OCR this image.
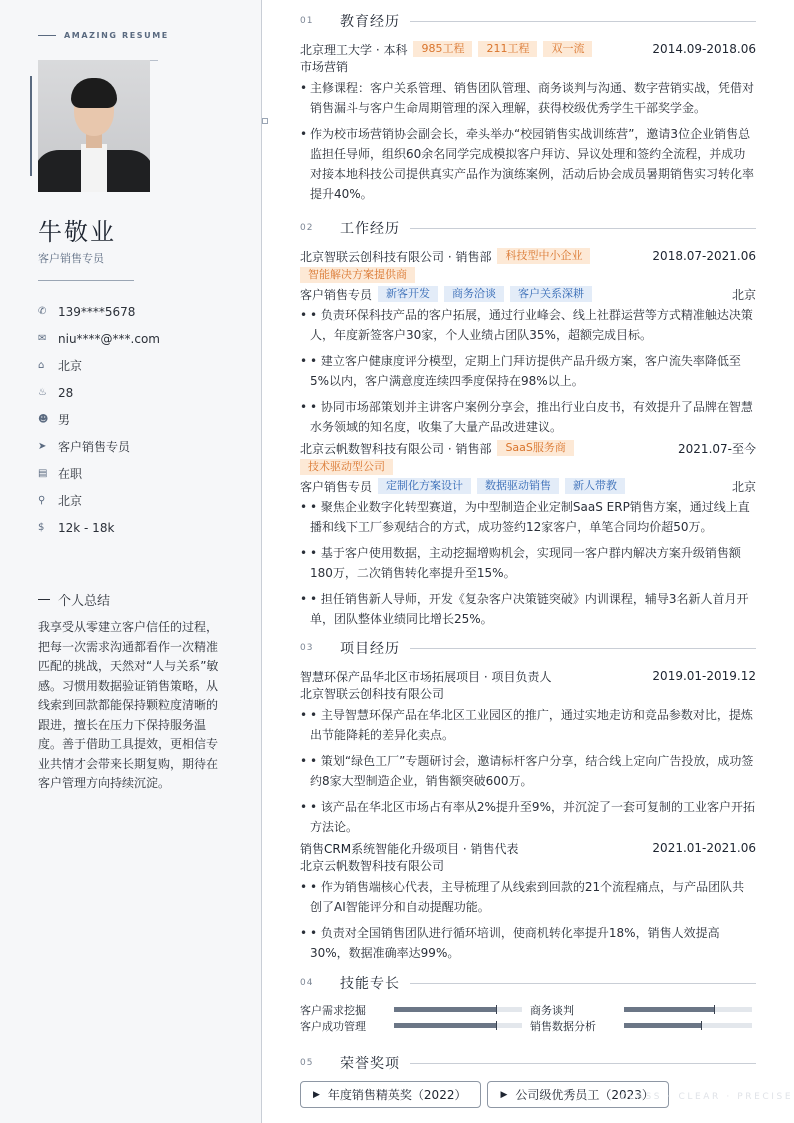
AMAZING RESUME
牛敬业
客户销售专员
✆ 139****5678
✉ niu****@***.com
⌂	北京
♨ 28
☻ 男
➤ 客户销售专员
▤ 在职
⚲	北京
$	12k - 18k
个人总结
我享受从零建立客户信任的过程，把每一次需求沟通都看作一次精准匹配的挑战，天然对“人与关系”敏感。习惯用数据验证销售策略，从线索到回款都能保持颗粒度清晰的跟进，擅长在压力下保持服务温度。善于借助工具提效，更相信专业共情才会带来长期复购，期待在客户管理方向持续沉淀。
01	教育经历
北京理工大学 · 本科	985工程	211工程	双一流	2014.09-2018.06
市场营销
• 主修课程：客户关系管理、销售团队管理、商务谈判与沟通、数字营销实战，凭借对销售漏斗与客户生命周期管理的深入理解，获得校级优秀学生干部奖学金。
• 作为校市场营销协会副会长，牵头举办“校园销售实战训练营”，邀请3位企业销售总监担任导师，组织60余名同学完成模拟客户拜访、异议处理和签约全流程，并成功对接本地科技公司提供真实产品作为演练案例，活动后协会成员暑期销售实习转化率提升40%。
02	工作经历
北京智联云创科技有限公司 · 销售部	科技型中小企业	2018.07-2021.06
智能解决方案提供商
客户销售专员	新客开发	商务洽谈	客户关系深耕	北京
• • 负责环保科技产品的客户拓展，通过行业峰会、线上社群运营等方式精准触达决策人，年度新签客户30家，个人业绩占团队35%，超额完成目标。
• • 建立客户健康度评分模型，定期上门拜访提供产品升级方案，客户流失率降低至5%以内，客户满意度连续四季度保持在98%以上。
• • 协同市场部策划并主讲客户案例分享会，推出行业白皮书，有效提升了品牌在智慧水务领域的知名度，收集了大量产品改进建议。
北京云帆数智科技有限公司 · 销售部	SaaS服务商	2021.07-至今
技术驱动型公司
客户销售专员	定制化方案设计	数据驱动销售	新人带教	北京
• • 聚焦企业数字化转型赛道，为中型制造企业定制SaaS ERP销售方案，通过线上直播和线下工厂参观结合的方式，成功签约12家客户，单笔合同均价超50万。
• • 基于客户使用数据，主动挖掘增购机会，实现同一客户群内解决方案升级销售额180万，二次销售转化率提升至15%。
• • 担任销售新人导师，开发《复杂客户决策链突破》内训课程，辅导3名新人首月开单，团队整体业绩同比增长25%。
03	项目经历
智慧环保产品华北区市场拓展项目 · 项目负责人	2019.01-2019.12
北京智联云创科技有限公司
• • 主导智慧环保产品在华北区工业园区的推广，通过实地走访和竞品参数对比，提炼出节能降耗的差异化卖点。
• • 策划“绿色工厂”专题研讨会，邀请标杆客户分享，结合线上定向广告投放，成功签约8家大型制造企业，销售额突破600万。
• • 该产品在华北区市场占有率从2%提升至9%，并沉淀了一套可复制的工业客户开拓方法论。
销售CRM系统智能化升级项目 · 销售代表	2021.01-2021.06
北京云帆数智科技有限公司
• • 作为销售端核心代表，主导梳理了从线索到回款的21个流程痛点，与产品团队共创了AI智能评分和自动提醒功能。
• • 负责对全国销售团队进行循环培训，使商机转化率提升18%，销售人效提高30%，数据准确率达99%。
04	技能专长
客户需求挖掘	商务谈判
客户成功管理	销售数据分析
05	荣誉奖项
▶ 年度销售精英奖（2022）	▶ 公司级优秀员工（2023）
CLASS · CLEAR · PRECISE
